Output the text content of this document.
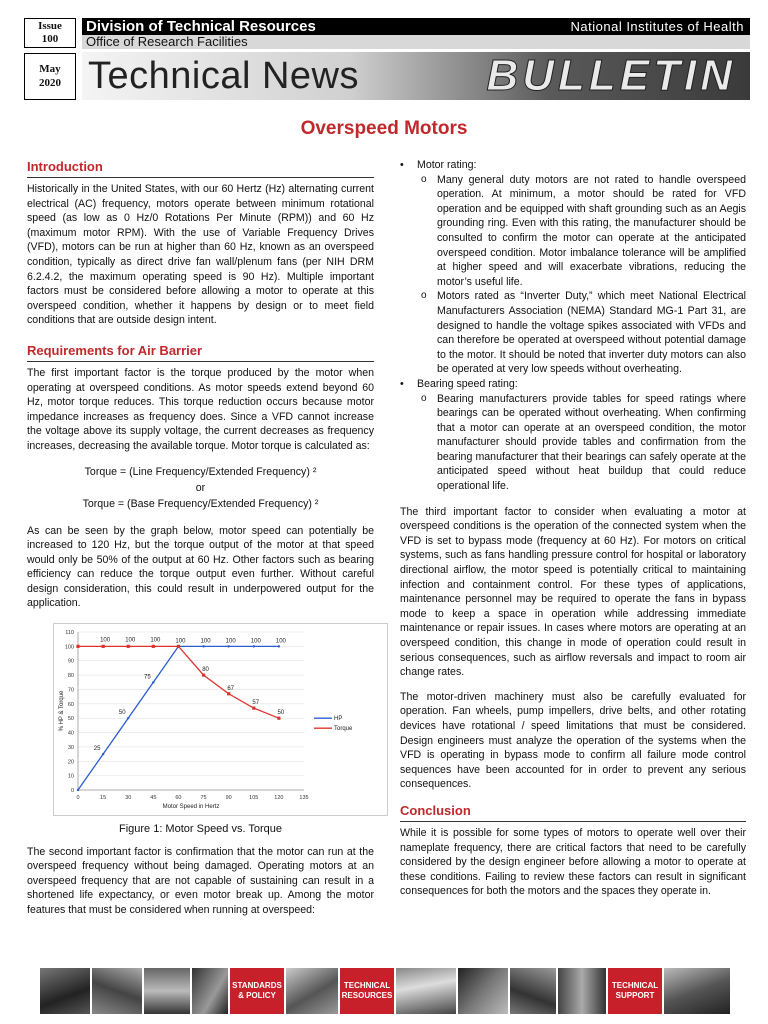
Issue
100
May
2020
Division of Technical Resources	National Institutes of Health
Office of Research Facilities
Technical News	BULLETIN
Overspeed Motors
Introduction

Historically in the United States, with our 60 Hertz (Hz) alternating current electrical (AC) frequency, motors operate between minimum rotational speed (as low as 0 Hz/0 Rotations Per Minute (RPM)) and 60 Hz (maximum motor RPM). With the use of Variable Frequency Drives (VFD), motors can be run at higher than 60 Hz, known as an overspeed condition, typically as direct drive fan wall/plenum fans (per NIH DRM 6.2.4.2, the maximum operating speed is 90 Hz). Multiple important factors must be considered before allowing a motor to operate at this overspeed condition, whether it happens by design or to meet field conditions that are outside design intent.

Requirements for Air Barrier

The first important factor is the torque produced by the motor when operating at overspeed conditions. As motor speeds extend beyond 60 Hz, motor torque reduces. This torque reduction occurs because motor impedance increases as frequency does. Since a VFD cannot increase the voltage above its supply voltage, the current decreases as frequency increases, decreasing the available torque. Motor torque is calculated as:

Torque = (Line Frequency/Extended Frequency) ²
or
Torque = (Base Frequency/Extended Frequency) ²

As can be seen by the graph below, motor speed can potentially be increased to 120 Hz, but the torque output of the motor at that speed would only be 50% of the output at 60 Hz. Other factors such as bearing efficiency can reduce the torque output even further. Without careful design consideration, this could result in underpowered output for the application.

0
10
20
30
40
50
60
70
80
90
100
110
0	15	30	45	60	75	90	105	120	135
Motor Speed in Hertz
% HP & Torque
25
50
75
100	100	100	100	100
HP
100	100	100
80
67
57
50
Torque
Figure 1: Motor Speed vs. Torque

The second important factor is confirmation that the motor can run at the overspeed frequency without being damaged. Operating motors at an overspeed frequency that are not capable of sustaining can result in a shortened life expectancy, or even motor break up. Among the motor features that must be considered when running at overspeed:

• Motor rating:
o Many general duty motors are not rated to handle overspeed operation. At minimum, a motor should be rated for VFD operation and be equipped with shaft grounding such as an Aegis grounding ring. Even with this rating, the manufacturer should be consulted to confirm the motor can operate at the anticipated overspeed condition. Motor imbalance tolerance will be amplified at higher speed and will exacerbate vibrations, reducing the motor’s useful life.
o Motors rated as “Inverter Duty,” which meet National Electrical Manufacturers Association (NEMA) Standard MG-1 Part 31, are designed to handle the voltage spikes associated with VFDs and can therefore be operated at overspeed without potential damage to the motor. It should be noted that inverter duty motors can also be operated at very low speeds without overheating.
• Bearing speed rating:
o Bearing manufacturers provide tables for speed ratings where bearings can be operated without overheating. When confirming that a motor can operate at an overspeed condition, the motor manufacturer should provide tables and confirmation from the bearing manufacturer that their bearings can safely operate at the anticipated speed without heat buildup that could reduce operational life.

The third important factor to consider when evaluating a motor at overspeed conditions is the operation of the connected system when the VFD is set to bypass mode (frequency at 60 Hz). For motors on critical systems, such as fans handling pressure control for hospital or laboratory directional airflow, the motor speed is potentially critical to maintaining infection and containment control. For these types of applications, maintenance personnel may be required to operate the fans in bypass mode to keep a space in operation while addressing immediate maintenance or repair issues. In cases where motors are operating at an overspeed condition, this change in mode of operation could result in serious consequences, such as airflow reversals and impact to room air change rates.

The motor-driven machinery must also be carefully evaluated for operation. Fan wheels, pump impellers, drive belts, and other rotating devices have rotational / speed limitations that must be considered. Design engineers must analyze the operation of the systems when the VFD is operating in bypass mode to confirm all failure mode control sequences have been accounted for in order to prevent any serious consequences.

Conclusion

While it is possible for some types of motors to operate well over their nameplate frequency, there are critical factors that need to be carefully considered by the design engineer before allowing a motor to operate at these conditions. Failing to review these factors can result in significant consequences for both the motors and the spaces they operate in.

STANDARDS
& POLICY
TECHNICAL
RESOURCES
TECHNICAL
SUPPORT
